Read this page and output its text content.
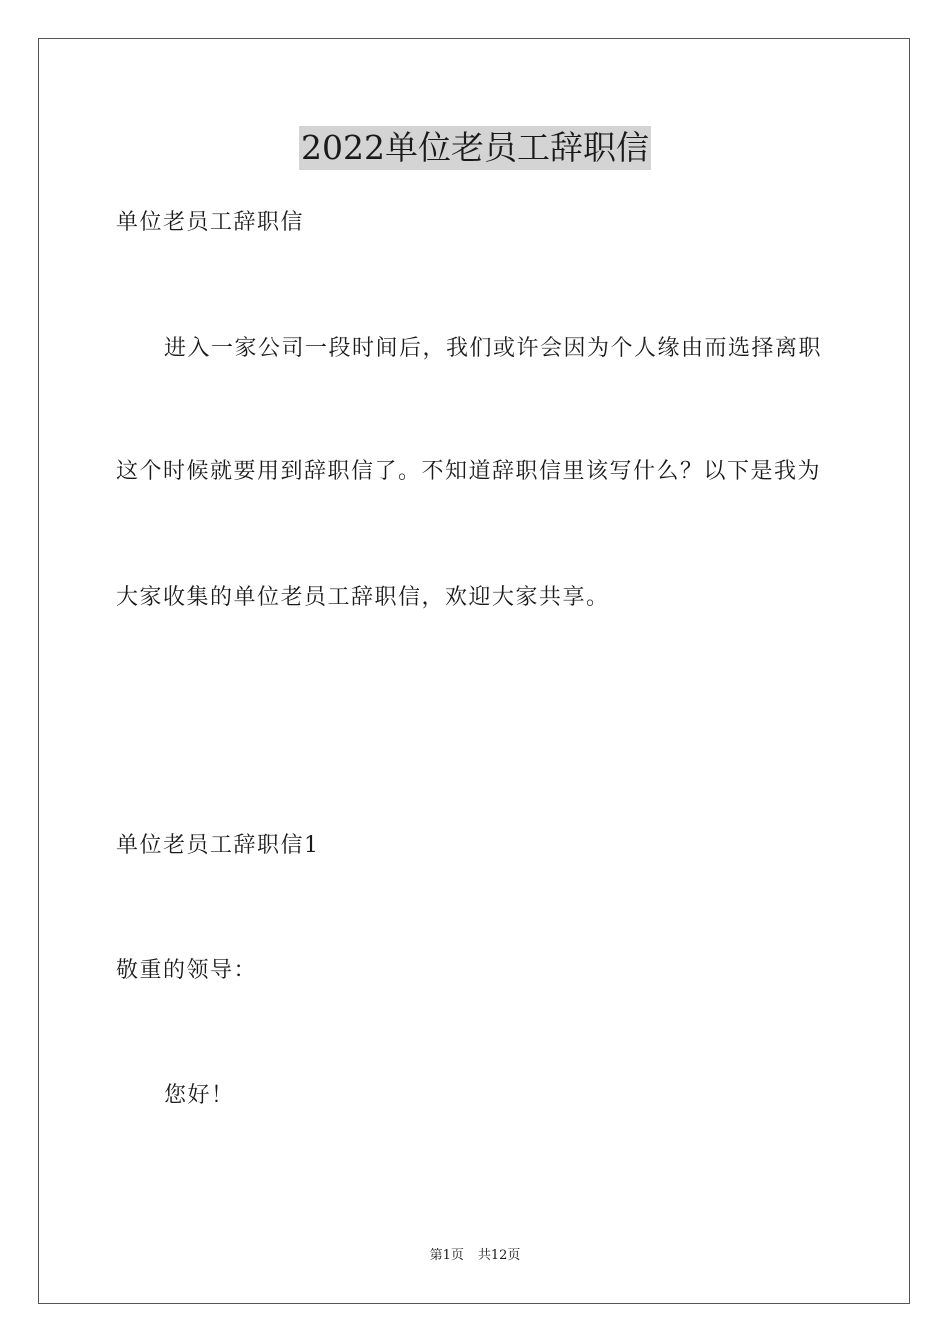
2022单位老员工辞职信
单位老员工辞职信
进入一家公司一段时间后，我们或许会因为个人缘由而选择离职
这个时候就要用到辞职信了。不知道辞职信里该写什么？以下是我为
大家收集的单位老员工辞职信，欢迎大家共享。
单位老员工辞职信1
敬重的领导：
您好！
第1页 共12页
